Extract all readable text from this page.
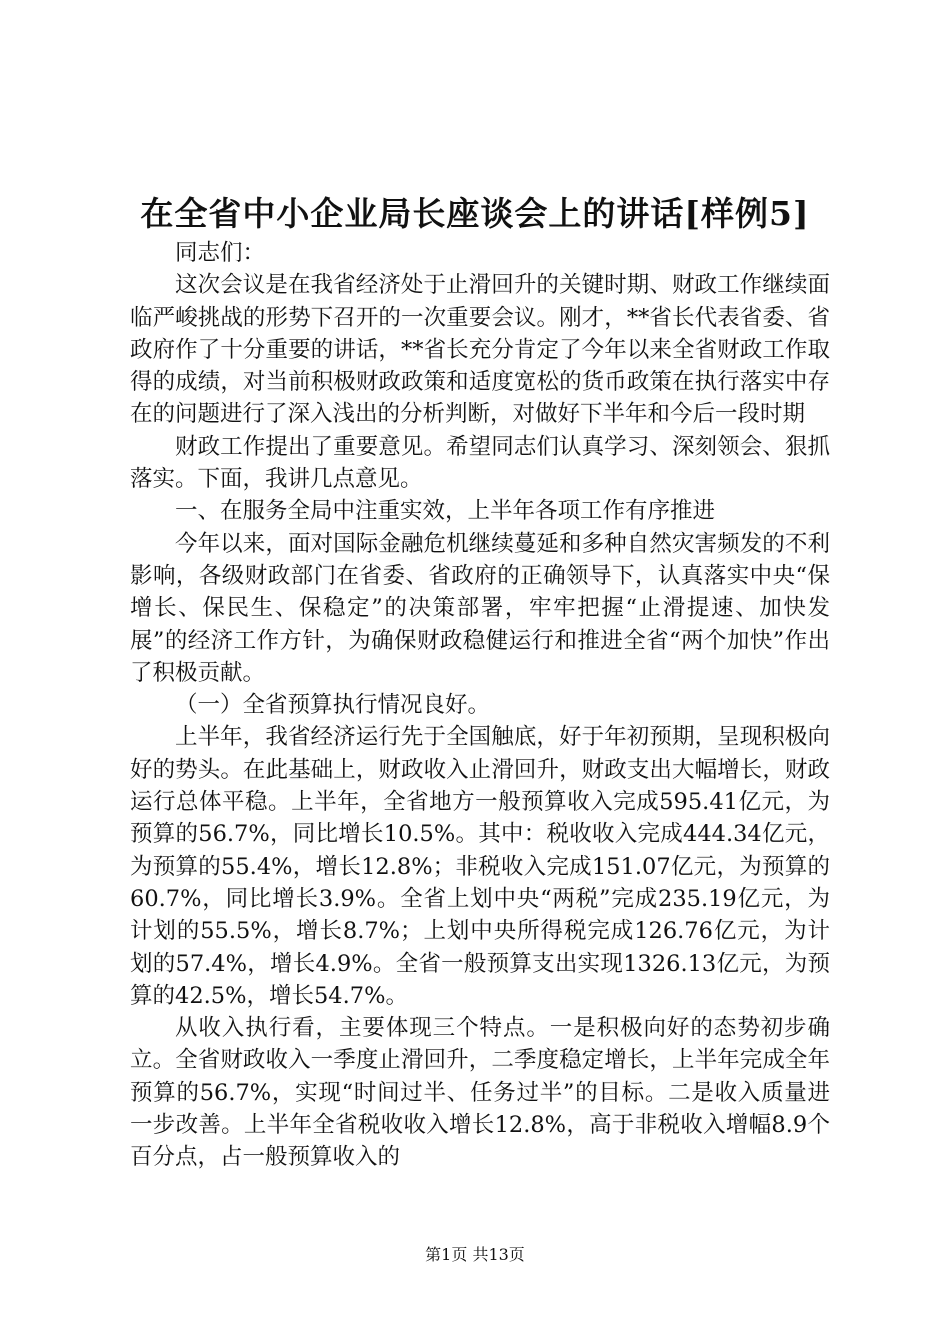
在全省中小企业局长座谈会上的讲话[样例5]

同志们：

这次会议是在我省经济处于止滑回升的关键时期、财政工作继续面临严峻挑战的形势下召开的一次重要会议。刚才，**省长代表省委、省政府作了十分重要的讲话，**省长充分肯定了今年以来全省财政工作取得的成绩，对当前积极财政政策和适度宽松的货币政策在执行落实中存在的问题进行了深入浅出的分析判断，对做好下半年和今后一段时期

财政工作提出了重要意见。希望同志们认真学习、深刻领会、狠抓落实。下面，我讲几点意见。

一、在服务全局中注重实效，上半年各项工作有序推进

今年以来，面对国际金融危机继续蔓延和多种自然灾害频发的不利影响，各级财政部门在省委、省政府的正确领导下，认真落实中央“保增长、保民生、保稳定”的决策部署，牢牢把握“止滑提速、加快发展”的经济工作方针，为确保财政稳健运行和推进全省“两个加快”作出了积极贡献。

（一）全省预算执行情况良好。

上半年，我省经济运行先于全国触底，好于年初预期，呈现积极向好的势头。在此基础上，财政收入止滑回升，财政支出大幅增长，财政运行总体平稳。上半年，全省地方一般预算收入完成595.41亿元，为预算的56.7%，同比增长10.5%。其中：税收收入完成444.34亿元，为预算的55.4%，增长12.8%；非税收入完成151.07亿元，为预算的60.7%，同比增长3.9%。全省上划中央“两税”完成235.19亿元，为计划的55.5%，增长8.7%；上划中央所得税完成126.76亿元，为计划的57.4%，增长4.9%。全省一般预算支出实现1326.13亿元，为预算的42.5%，增长54.7%。

从收入执行看，主要体现三个特点。一是积极向好的态势初步确立。全省财政收入一季度止滑回升，二季度稳定增长，上半年完成全年预算的56.7%，实现“时间过半、任务过半”的目标。二是收入质量进一步改善。上半年全省税收收入增长12.8%，高于非税收入增幅8.9个百分点，占一般预算收入的

第1页 共13页
